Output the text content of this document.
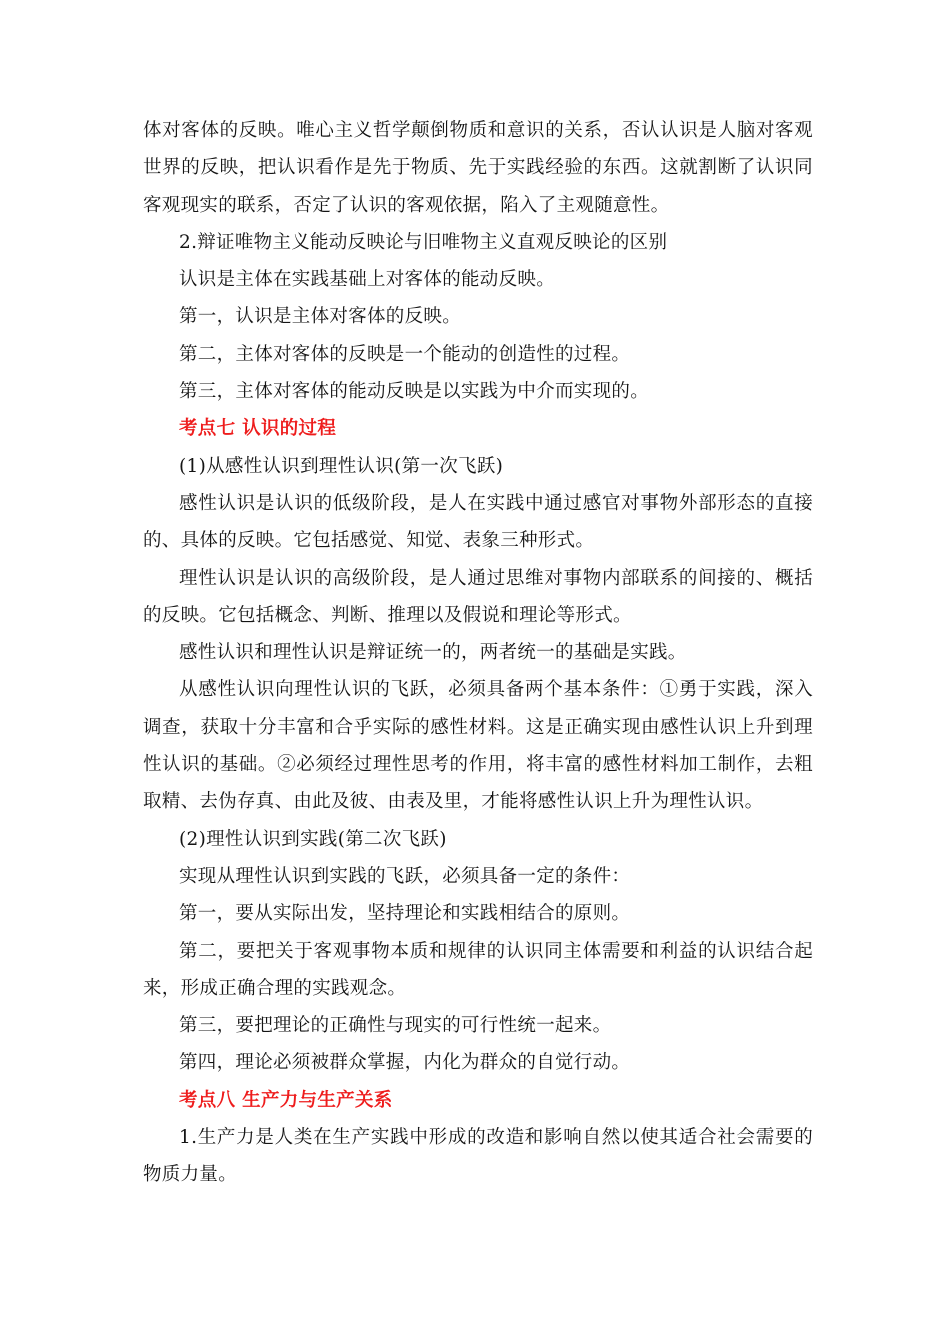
体对客体的反映。唯心主义哲学颠倒物质和意识的关系，否认认识是人脑对客观世界的反映，把认识看作是先于物质、先于实践经验的东西。这就割断了认识同客观现实的联系，否定了认识的客观依据，陷入了主观随意性。

2.辩证唯物主义能动反映论与旧唯物主义直观反映论的区别

认识是主体在实践基础上对客体的能动反映。

第一，认识是主体对客体的反映。

第二，主体对客体的反映是一个能动的创造性的过程。

第三，主体对客体的能动反映是以实践为中介而实现的。

考点七 认识的过程

(1)从感性认识到理性认识(第一次飞跃)

感性认识是认识的低级阶段，是人在实践中通过感官对事物外部形态的直接的、具体的反映。它包括感觉、知觉、表象三种形式。

理性认识是认识的高级阶段，是人通过思维对事物内部联系的间接的、概括的反映。它包括概念、判断、推理以及假说和理论等形式。

感性认识和理性认识是辩证统一的，两者统一的基础是实践。

从感性认识向理性认识的飞跃，必须具备两个基本条件：①勇于实践，深入调查，获取十分丰富和合乎实际的感性材料。这是正确实现由感性认识上升到理性认识的基础。②必须经过理性思考的作用，将丰富的感性材料加工制作，去粗取精、去伪存真、由此及彼、由表及里，才能将感性认识上升为理性认识。

(2)理性认识到实践(第二次飞跃)

实现从理性认识到实践的飞跃，必须具备一定的条件：

第一，要从实际出发，坚持理论和实践相结合的原则。

第二，要把关于客观事物本质和规律的认识同主体需要和利益的认识结合起来，形成正确合理的实践观念。

第三，要把理论的正确性与现实的可行性统一起来。

第四，理论必须被群众掌握，内化为群众的自觉行动。

考点八 生产力与生产关系

1.生产力是人类在生产实践中形成的改造和影响自然以使其适合社会需要的物质力量。
